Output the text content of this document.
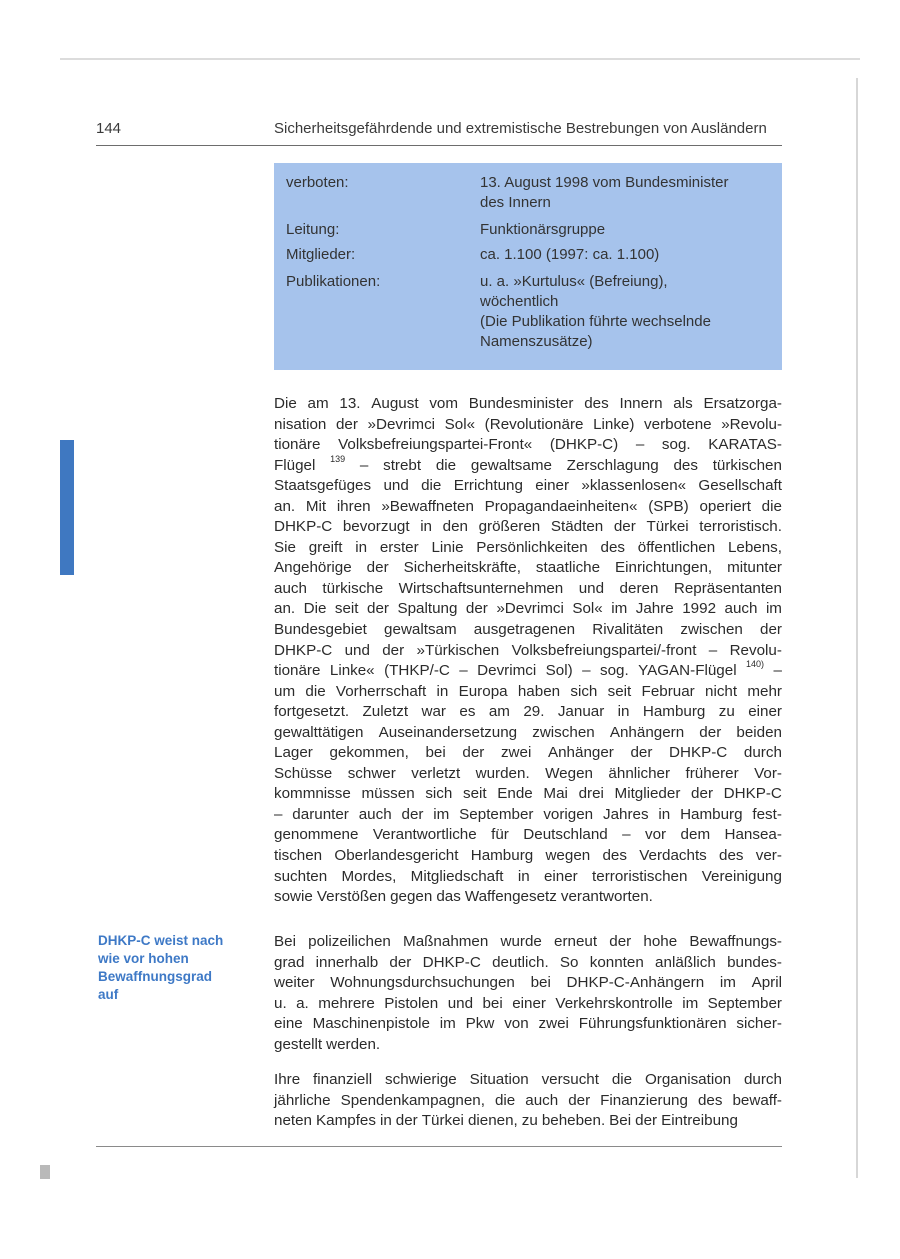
144	Sicherheitsgefährdende und extremistische Bestrebungen von Ausländern
verboten:	13. August 1998 vom Bundesminister
des Innern
Leitung:	Funktionärsgruppe
Mitglieder:	ca. 1.100 (1997: ca. 1.100)
Publikationen:	u. a. »Kurtulus« (Befreiung),
wöchentlich
(Die Publikation führte wechselnde
Namenszusätze)
Die am 13. August vom Bundesminister des Innern als Ersatzorga-
nisation der »Devrimci Sol« (Revolutionäre Linke) verbotene »Revolu-
tionäre Volksbefreiungspartei-Front« (DHKP-C) – sog. KARATAS-
Flügel $^{139}$ – strebt die gewaltsame Zerschlagung des türkischen
Staatsgefüges und die Errichtung einer »klassenlosen« Gesellschaft
an. Mit ihren »Bewaffneten Propagandaeinheiten« (SPB) operiert die
DHKP-C bevorzugt in den größeren Städten der Türkei terroristisch.
Sie greift in erster Linie Persönlichkeiten des öffentlichen Lebens,
Angehörige der Sicherheitskräfte, staatliche Einrichtungen, mitunter
auch türkische Wirtschaftsunternehmen und deren Repräsentanten
an. Die seit der Spaltung der »Devrimci Sol« im Jahre 1992 auch im
Bundesgebiet gewaltsam ausgetragenen Rivalitäten zwischen der
DHKP-C und der »Türkischen Volksbefreiungspartei/-front – Revolu-
tionäre Linke« (THKP/-C – Devrimci Sol) – sog. YAGAN-Flügel $^{140)}$ –
um die Vorherrschaft in Europa haben sich seit Februar nicht mehr
fortgesetzt. Zuletzt war es am 29. Januar in Hamburg zu einer
gewalttätigen Auseinandersetzung zwischen Anhängern der beiden
Lager gekommen, bei der zwei Anhänger der DHKP-C durch
Schüsse schwer verletzt wurden. Wegen ähnlicher früherer Vor-
kommnisse müssen sich seit Ende Mai drei Mitglieder der DHKP-C
– darunter auch der im September vorigen Jahres in Hamburg fest-
genommene Verantwortliche für Deutschland – vor dem Hansea-
tischen Oberlandesgericht Hamburg wegen des Verdachts des ver-
suchten Mordes, Mitgliedschaft in einer terroristischen Vereinigung
sowie Verstößen gegen das Waffengesetz verantworten.
Bei polizeilichen Maßnahmen wurde erneut der hohe Bewaffnungs-
grad innerhalb der DHKP-C deutlich. So konnten anläßlich bundes-
weiter Wohnungsdurchsuchungen bei DHKP-C-Anhängern im April
u. a. mehrere Pistolen und bei einer Verkehrskontrolle im September
eine Maschinenpistole im Pkw von zwei Führungsfunktionären sicher-
gestellt werden.
Ihre finanziell schwierige Situation versucht die Organisation durch
jährliche Spendenkampagnen, die auch der Finanzierung des bewaff-
neten Kampfes in der Türkei dienen, zu beheben. Bei der Eintreibung
DHKP-C weist nach
wie vor hohen
Bewaffnungsgrad
auf
